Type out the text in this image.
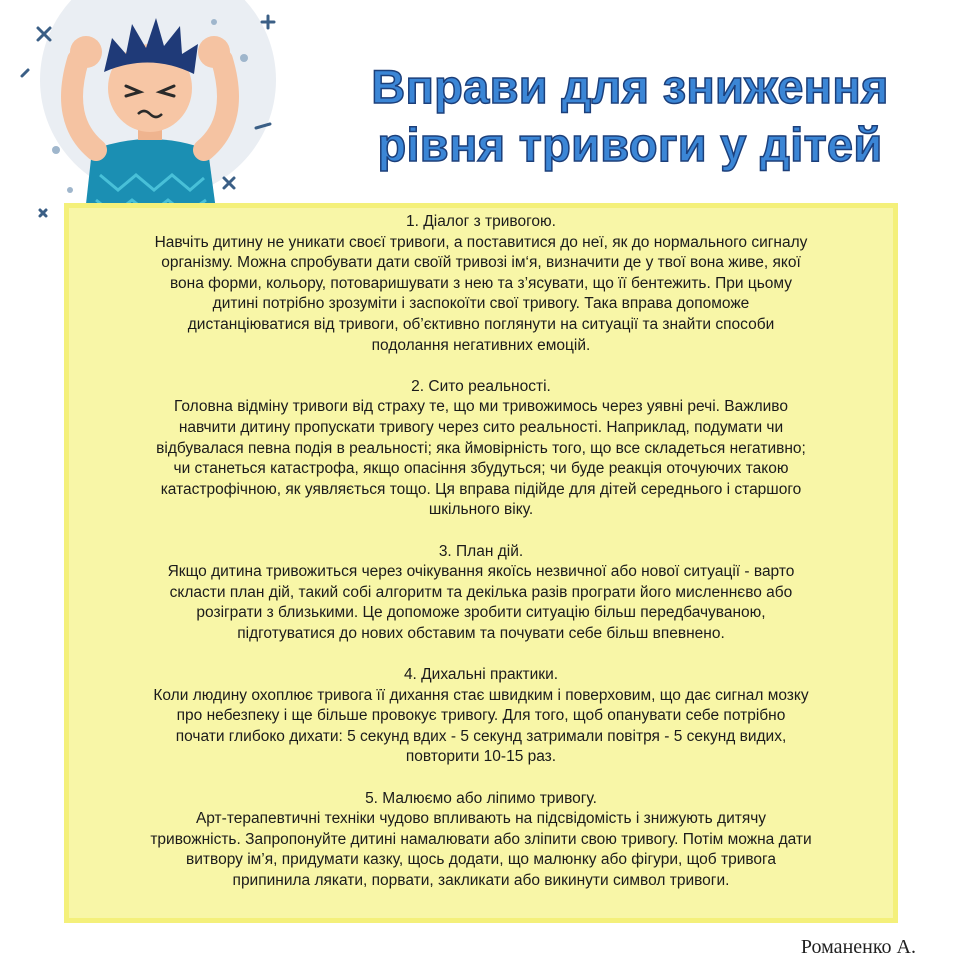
Вправи для зниження
рівня тривоги у дітей

1. Діалог з тривогою.

Навчіть дитину не уникати своєї тривоги, а поставитися до неї, як до нормального сигналу

організму. Можна спробувати дати своїй тривозі ім‘я, визначити де у твої вона живе, якої

вона форми, кольору, потоваришувати з нею та з’ясувати, що її бентежить. При цьому

дитині потрібно зрозуміти і заспокоїти свої тривогу. Така вправа допоможе

дистанціюватися від тривоги, об’єктивно поглянути на ситуації та знайти способи

подолання негативних емоцій.

2. Сито реальності.

Головна відміну тривоги від страху те, що ми тривожимось через уявні речі. Важливо

навчити дитину пропускати тривогу через сито реальності. Наприклад, подумати чи

відбувалася певна подія в реальності; яка ймовірність того, що все складеться негативно;

чи станеться катастрофа, якщо опасіння збудуться; чи буде реакція оточуючих такою

катастрофічною, як уявляється тощо. Ця вправа підійде для дітей середнього і старшого

шкільного віку.

3. План дій.

Якщо дитина тривожиться через очікування якоїсь незвичної або нової ситуації - варто

скласти план дій, такий собі алгоритм та декілька разів програти його мисленнєво або

розіграти з близькими. Це допоможе зробити ситуацію більш передбачуваною,

підготуватися до нових обставим та почувати себе більш впевнено.

4. Дихальні практики.

Коли людину охоплює тривога її дихання стає швидким і поверховим, що дає сигнал мозку

про небезпеку і ще більше провокує тривогу. Для того, щоб опанувати себе потрібно

почати глибоко дихати: 5 секунд вдих - 5 секунд затримали повітря - 5 секунд видих,

повторити 10-15 раз.

5. Малюємо або ліпимо тривогу.

Арт-терапевтичні техніки чудово впливають на підсвідомість і знижують дитячу

тривожність. Запропонуйте дитині намалювати або зліпити свою тривогу. Потім можна дати

витвору ім’я, придумати казку, щось додати, що малюнку або фігури, щоб тривога

припинила лякати, порвати, закликати або викинути символ тривоги.

Романенко А.
